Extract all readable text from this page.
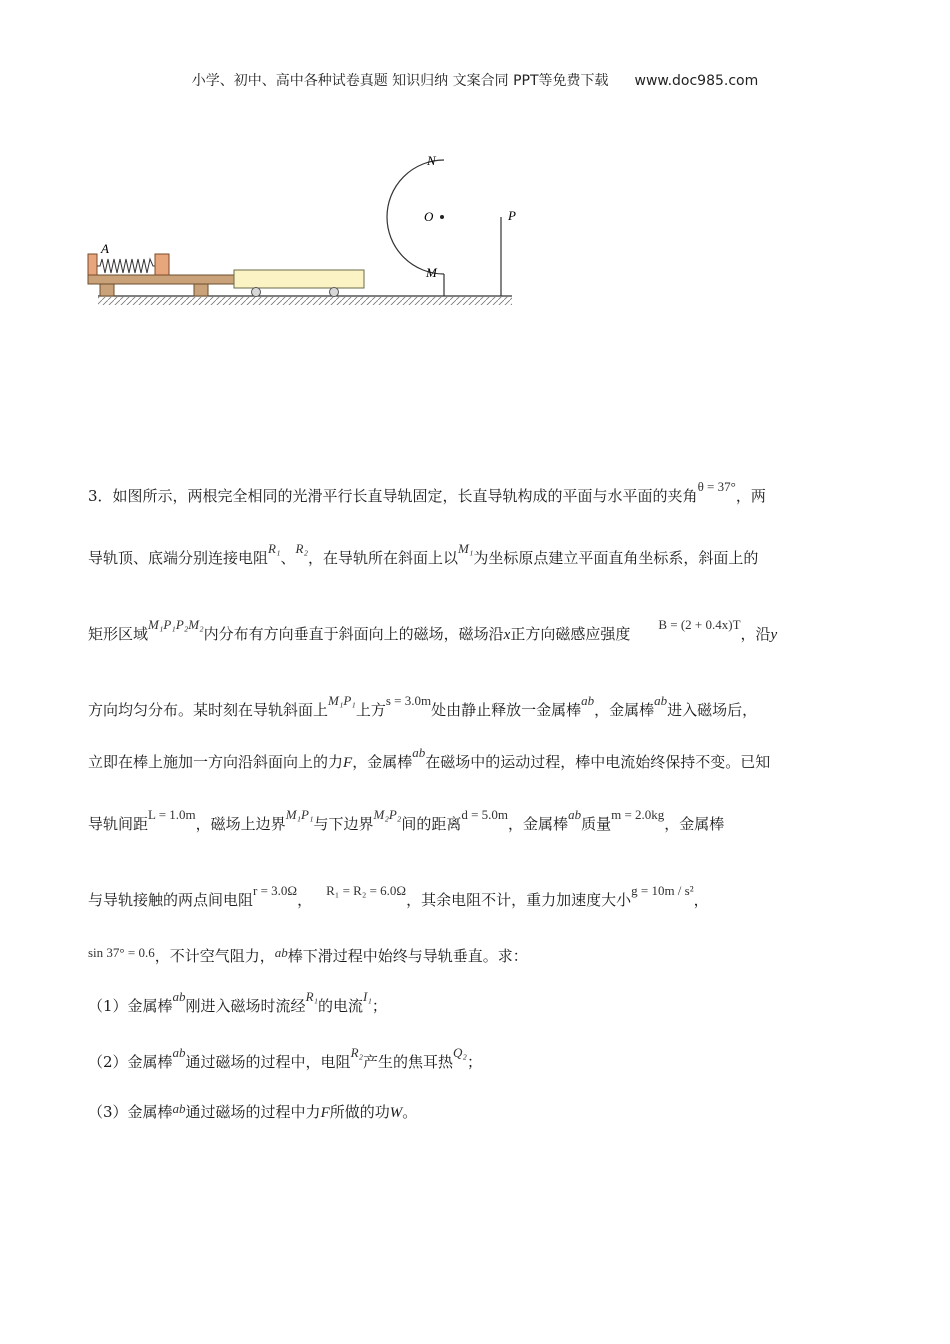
小学、初中、高中各种试卷真题 知识归纳 文案合同 PPT等免费下载 www.doc985.com
A
N
O	P
M
3．如图所示，两根完全相同的光滑平行长直导轨固定，长直导轨构成的平面与水平面的夹角θ = 37°，两
导轨顶、底端分别连接电阻R₁、R₂，在导轨所在斜面上以M₁为坐标原点建立平面直角坐标系，斜面上的
矩形区域M₁P₁P₂M₂内分布有方向垂直于斜面向上的磁场，磁场沿x正方向磁感应强度B = (2 + 0.4x)T，沿y
方向均匀分布。某时刻在导轨斜面上M₁P₁上方s = 3.0m处由静止释放一金属棒ab，金属棒ab进入磁场后，
立即在棒上施加一方向沿斜面向上的力F，金属棒ab在磁场中的运动过程，棒中电流始终保持不变。已知
导轨间距L = 1.0m，磁场上边界M₁P₁与下边界M₂P₂间的距离d = 5.0m，金属棒ab质量m = 2.0kg，金属棒
与导轨接触的两点间电阻r = 3.0Ω，R₁ = R₂ = 6.0Ω，其余电阻不计，重力加速度大小g = 10m / s²，
sin 37° = 0.6，不计空气阻力，ab棒下滑过程中始终与导轨垂直。求：
（1）金属棒ab刚进入磁场时流经R₁的电流I₁；
（2）金属棒ab通过磁场的过程中，电阻R₂产生的焦耳热Q₂；
（3）金属棒ab通过磁场的过程中力F所做的功W。
